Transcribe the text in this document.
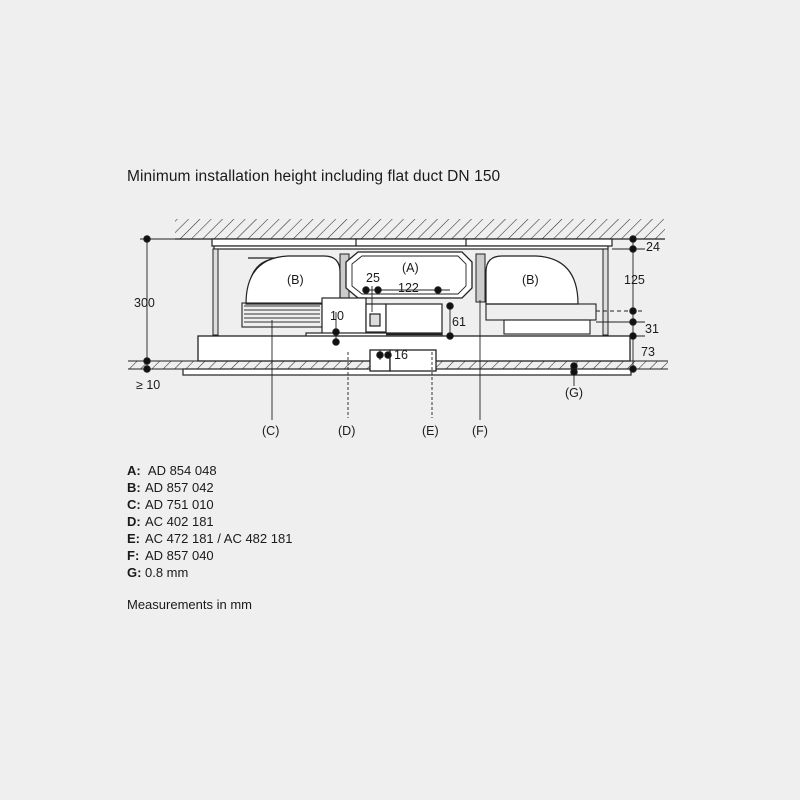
Minimum installation height including flat duct DN 150
300
≥ 10
24
125
31
73
25
122
61
10
16
(A)
(B)	(B)
(C)	(D)	(E)	(F)
(G)
A: AD 854 048
B: AD 857 042
C: AD 751 010
D: AC 402 181
E: AC 472 181 / AC 482 181
F: AD 857 040
G: 0.8 mm
Measurements in mm
